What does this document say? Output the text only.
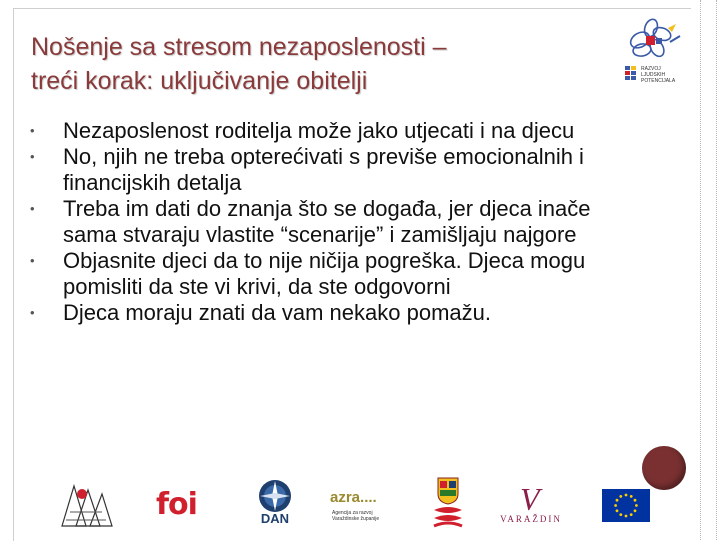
Nošenje sa stresom nezaposlenosti –
treći korak: uključivanje obitelji	RAZVOJ
LJUDSKIH
POTENCIJALA
• Nezaposlenost roditelja može jako utjecati i na djecu
• No, njih ne treba opterećivati s previše emocionalnih i financijskih detalja
• Treba im dati do znanja što se događa, jer djeca inače sama stvaraju vlastite “scenarije” i zamišljaju najgore
• Objasnite djeci da to nije ničija pogreška. Djeca mogu pomisliti da ste vi krivi, da ste odgovorni
• Djeca moraju znati da vam nekako pomažu.
foi	DAN
azra....
Agencija za razvoj
Varaždinske županije
V
VARAŽDIN
